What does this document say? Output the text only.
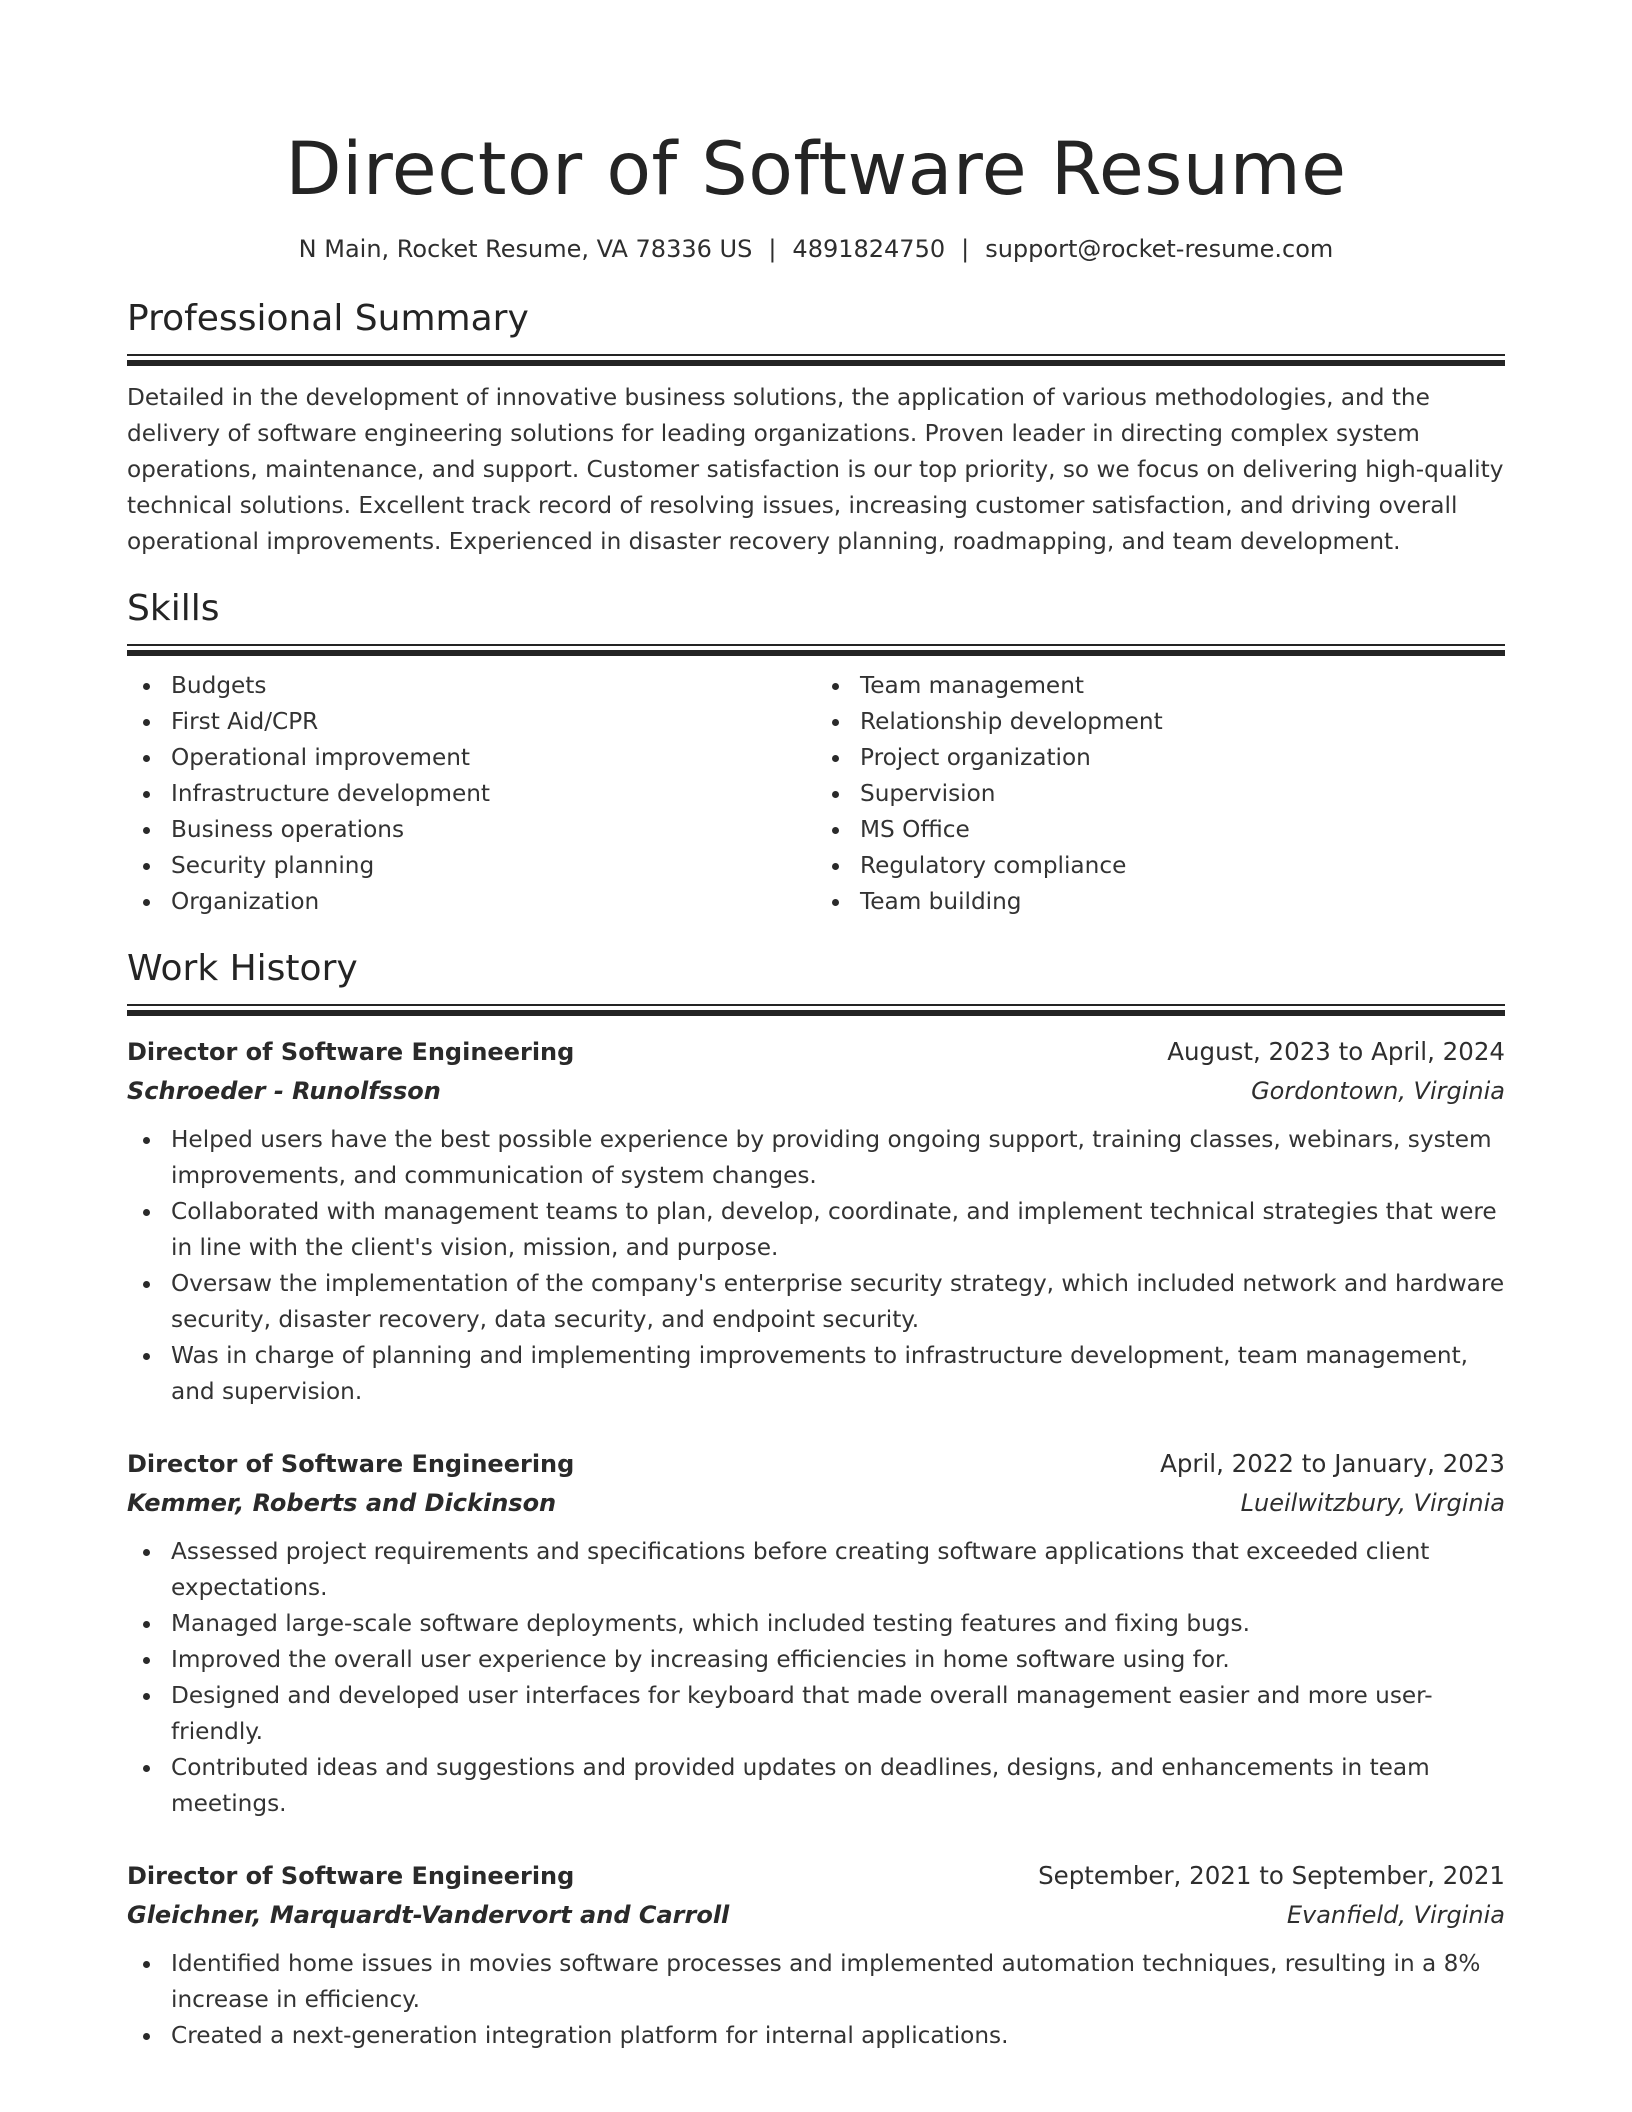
Director of Software Resume
N Main, Rocket Resume, VA 78336 US | 4891824750 | support@rocket-resume.com
Professional Summary

Detailed in the development of innovative business solutions, the application of various methodologies, and the delivery of software engineering solutions for leading organizations. Proven leader in directing complex system operations, maintenance, and support. Customer satisfaction is our top priority, so we focus on delivering high-quality technical solutions. Excellent track record of resolving issues, increasing customer satisfaction, and driving overall operational improvements. Experienced in disaster recovery planning, roadmapping, and team development.

Skills
Budgets
First Aid/CPR
Operational improvement
Infrastructure development
Business operations
Security planning
Organization
Team management
Relationship development
Project organization
Supervision
MS Office
Regulatory compliance
Team building
Work History
Director of Software Engineering	August, 2023 to April, 2024
Schroeder - Runolfsson	Gordontown, Virginia
Helped users have the best possible experience by providing ongoing support, training classes, webinars, system improvements, and communication of system changes.
Collaborated with management teams to plan, develop, coordinate, and implement technical strategies that were in line with the client's vision, mission, and purpose.
Oversaw the implementation of the company's enterprise security strategy, which included network and hardware security, disaster recovery, data security, and endpoint security.
Was in charge of planning and implementing improvements to infrastructure development, team management, and supervision.
Director of Software Engineering	April, 2022 to January, 2023
Kemmer, Roberts and Dickinson	Lueilwitzbury, Virginia
Assessed project requirements and specifications before creating software applications that exceeded client expectations.
Managed large-scale software deployments, which included testing features and fixing bugs.
Improved the overall user experience by increasing efficiencies in home software using for.
Designed and developed user interfaces for keyboard that made overall management easier and more user-friendly.
Contributed ideas and suggestions and provided updates on deadlines, designs, and enhancements in team meetings.
Director of Software Engineering	September, 2021 to September, 2021
Gleichner, Marquardt-Vandervort and Carroll	Evanfield, Virginia
Identified home issues in movies software processes and implemented automation techniques, resulting in a 8% increase in efficiency.
Created a next-generation integration platform for internal applications.
